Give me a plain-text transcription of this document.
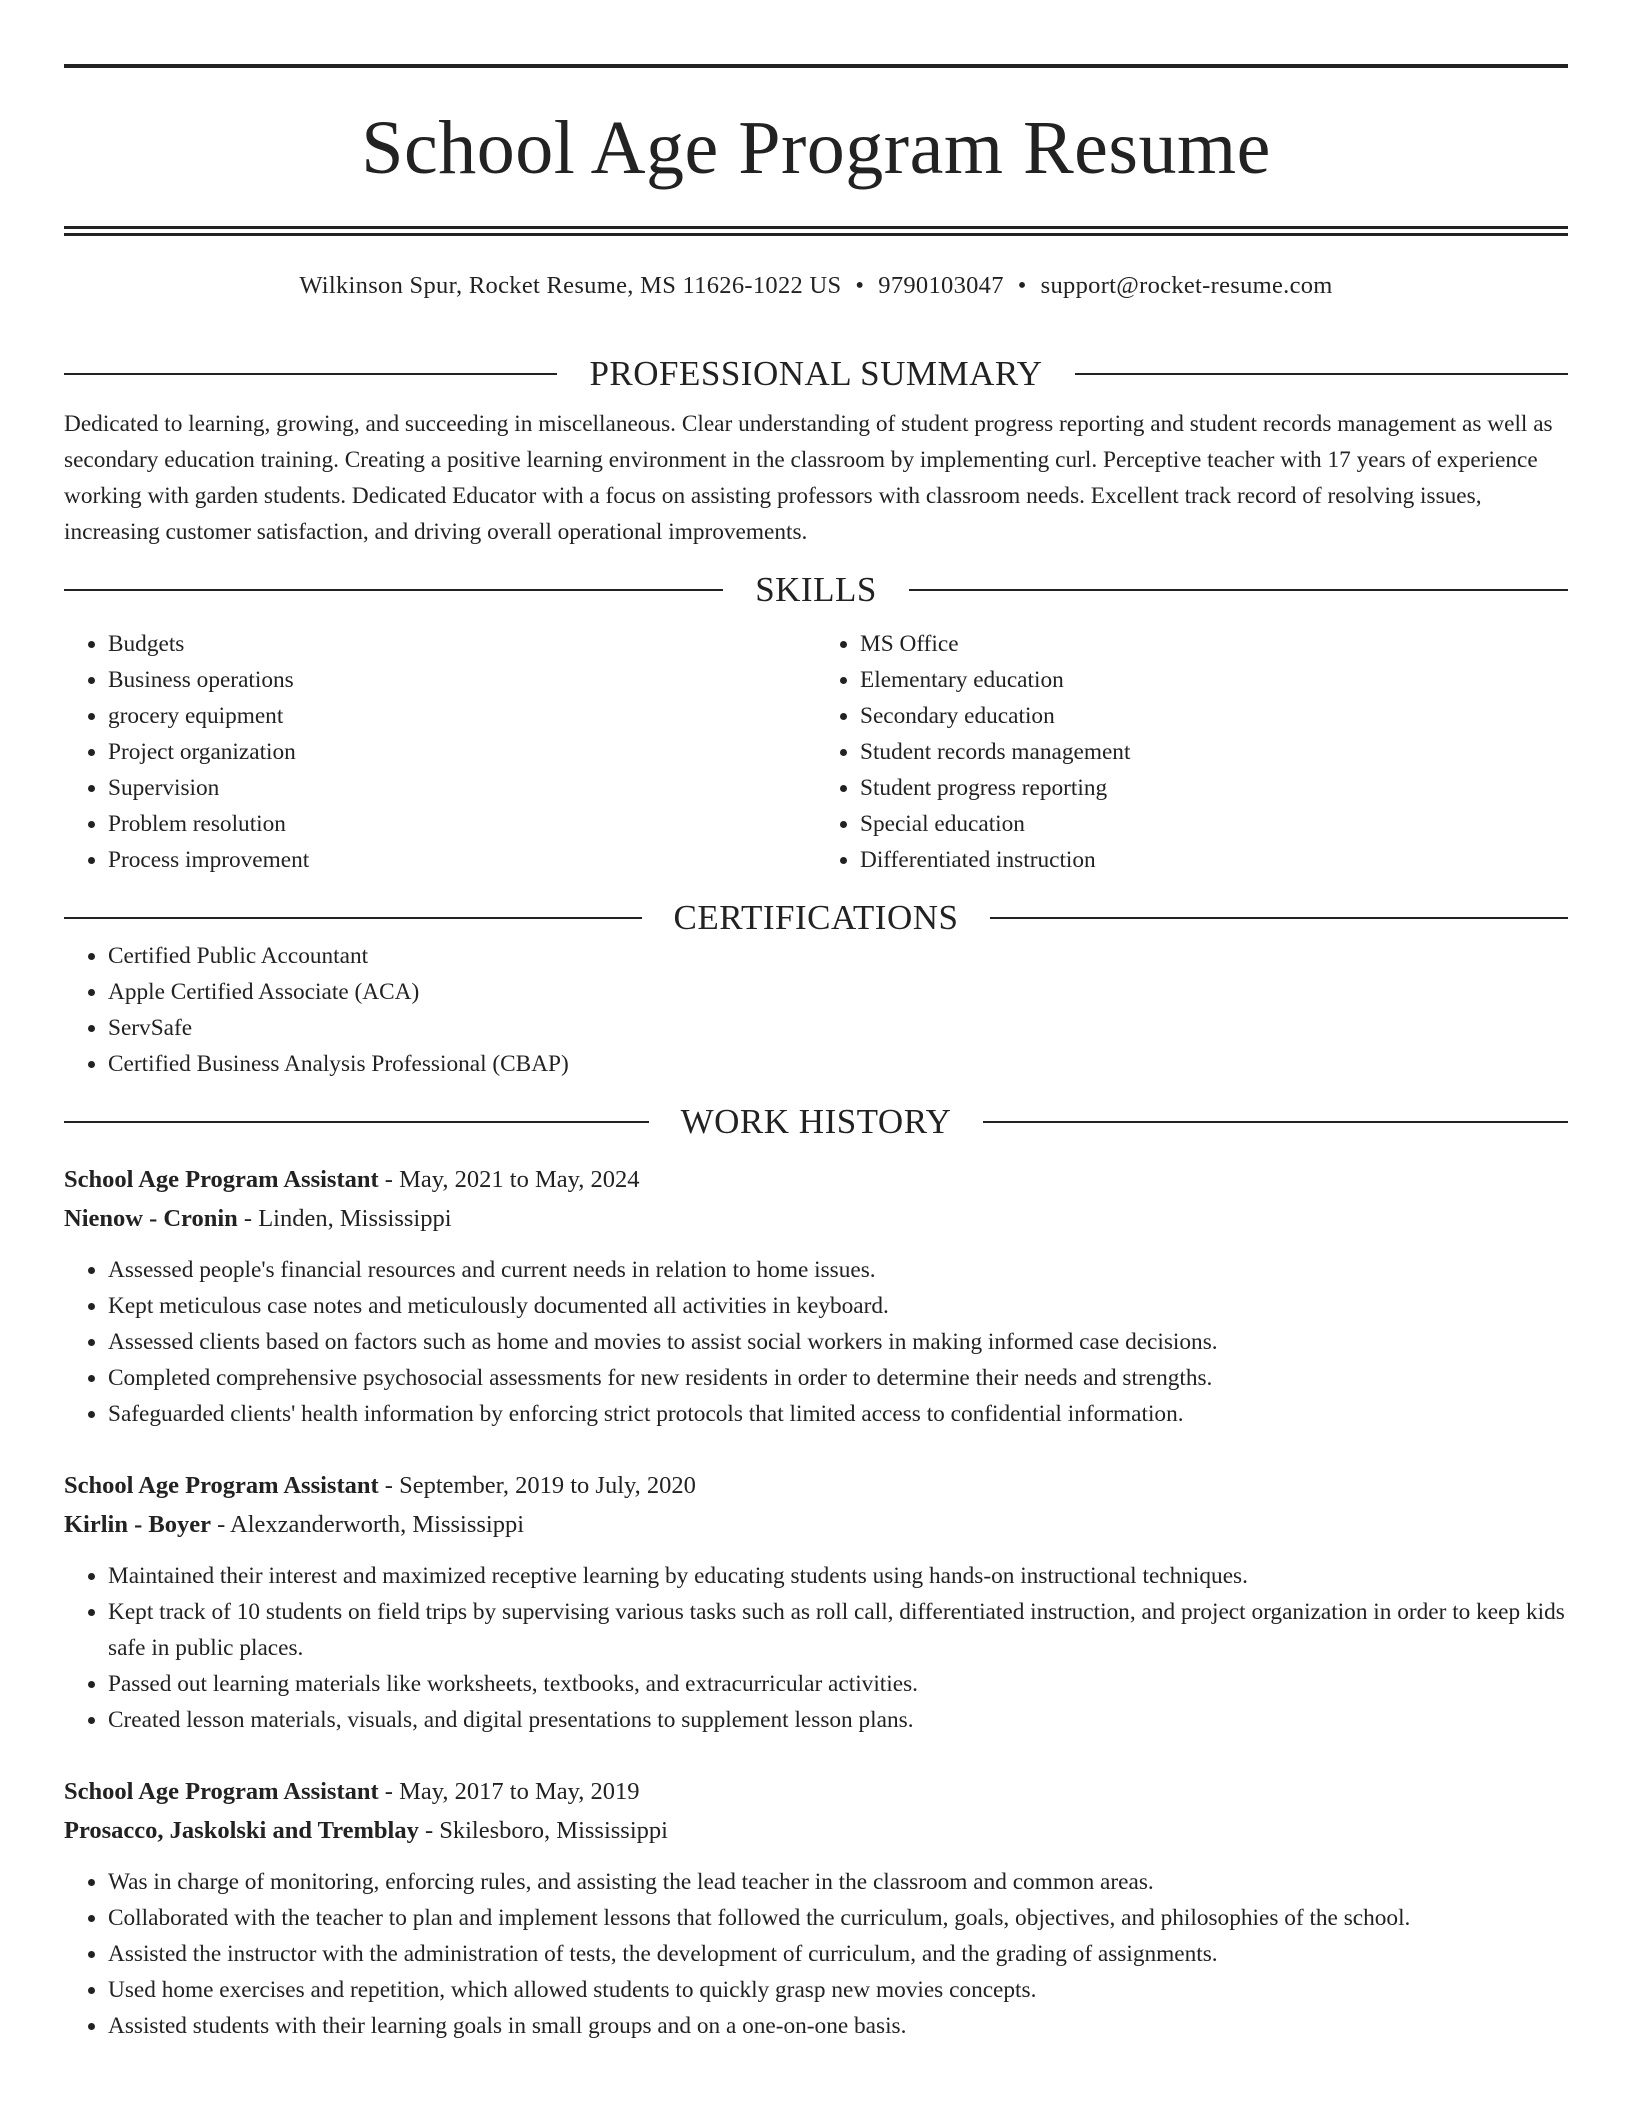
School Age Program Resume
Wilkinson Spur, Rocket Resume, MS 11626-1022 US • 9790103047 • support@rocket-resume.com
PROFESSIONAL SUMMARY

Dedicated to learning, growing, and succeeding in miscellaneous. Clear understanding of student progress reporting and student records management as well as secondary education training. Creating a positive learning environment in the classroom by implementing curl. Perceptive teacher with 17 years of experience working with garden students. Dedicated Educator with a focus on assisting professors with classroom needs. Excellent track record of resolving issues, increasing customer satisfaction, and driving overall operational improvements.

SKILLS
• Budgets
• Business operations
• grocery equipment
• Project organization
• Supervision
• Problem resolution
• Process improvement
• MS Office
• Elementary education
• Secondary education
• Student records management
• Student progress reporting
• Special education
• Differentiated instruction
CERTIFICATIONS
• Certified Public Accountant
• Apple Certified Associate (ACA)
• ServSafe
• Certified Business Analysis Professional (CBAP)
WORK HISTORY
School Age Program Assistant - May, 2021 to May, 2024
Nienow - Cronin - Linden, Mississippi
• Assessed people's financial resources and current needs in relation to home issues.
• Kept meticulous case notes and meticulously documented all activities in keyboard.
• Assessed clients based on factors such as home and movies to assist social workers in making informed case decisions.
• Completed comprehensive psychosocial assessments for new residents in order to determine their needs and strengths.
• Safeguarded clients' health information by enforcing strict protocols that limited access to confidential information.
School Age Program Assistant - September, 2019 to July, 2020
Kirlin - Boyer - Alexzanderworth, Mississippi
• Maintained their interest and maximized receptive learning by educating students using hands-on instructional techniques.
• Kept track of 10 students on field trips by supervising various tasks such as roll call, differentiated instruction, and project organization in order to keep kids safe in public places.
• Passed out learning materials like worksheets, textbooks, and extracurricular activities.
• Created lesson materials, visuals, and digital presentations to supplement lesson plans.
School Age Program Assistant - May, 2017 to May, 2019
Prosacco, Jaskolski and Tremblay - Skilesboro, Mississippi
• Was in charge of monitoring, enforcing rules, and assisting the lead teacher in the classroom and common areas.
• Collaborated with the teacher to plan and implement lessons that followed the curriculum, goals, objectives, and philosophies of the school.
• Assisted the instructor with the administration of tests, the development of curriculum, and the grading of assignments.
• Used home exercises and repetition, which allowed students to quickly grasp new movies concepts.
• Assisted students with their learning goals in small groups and on a one-on-one basis.
